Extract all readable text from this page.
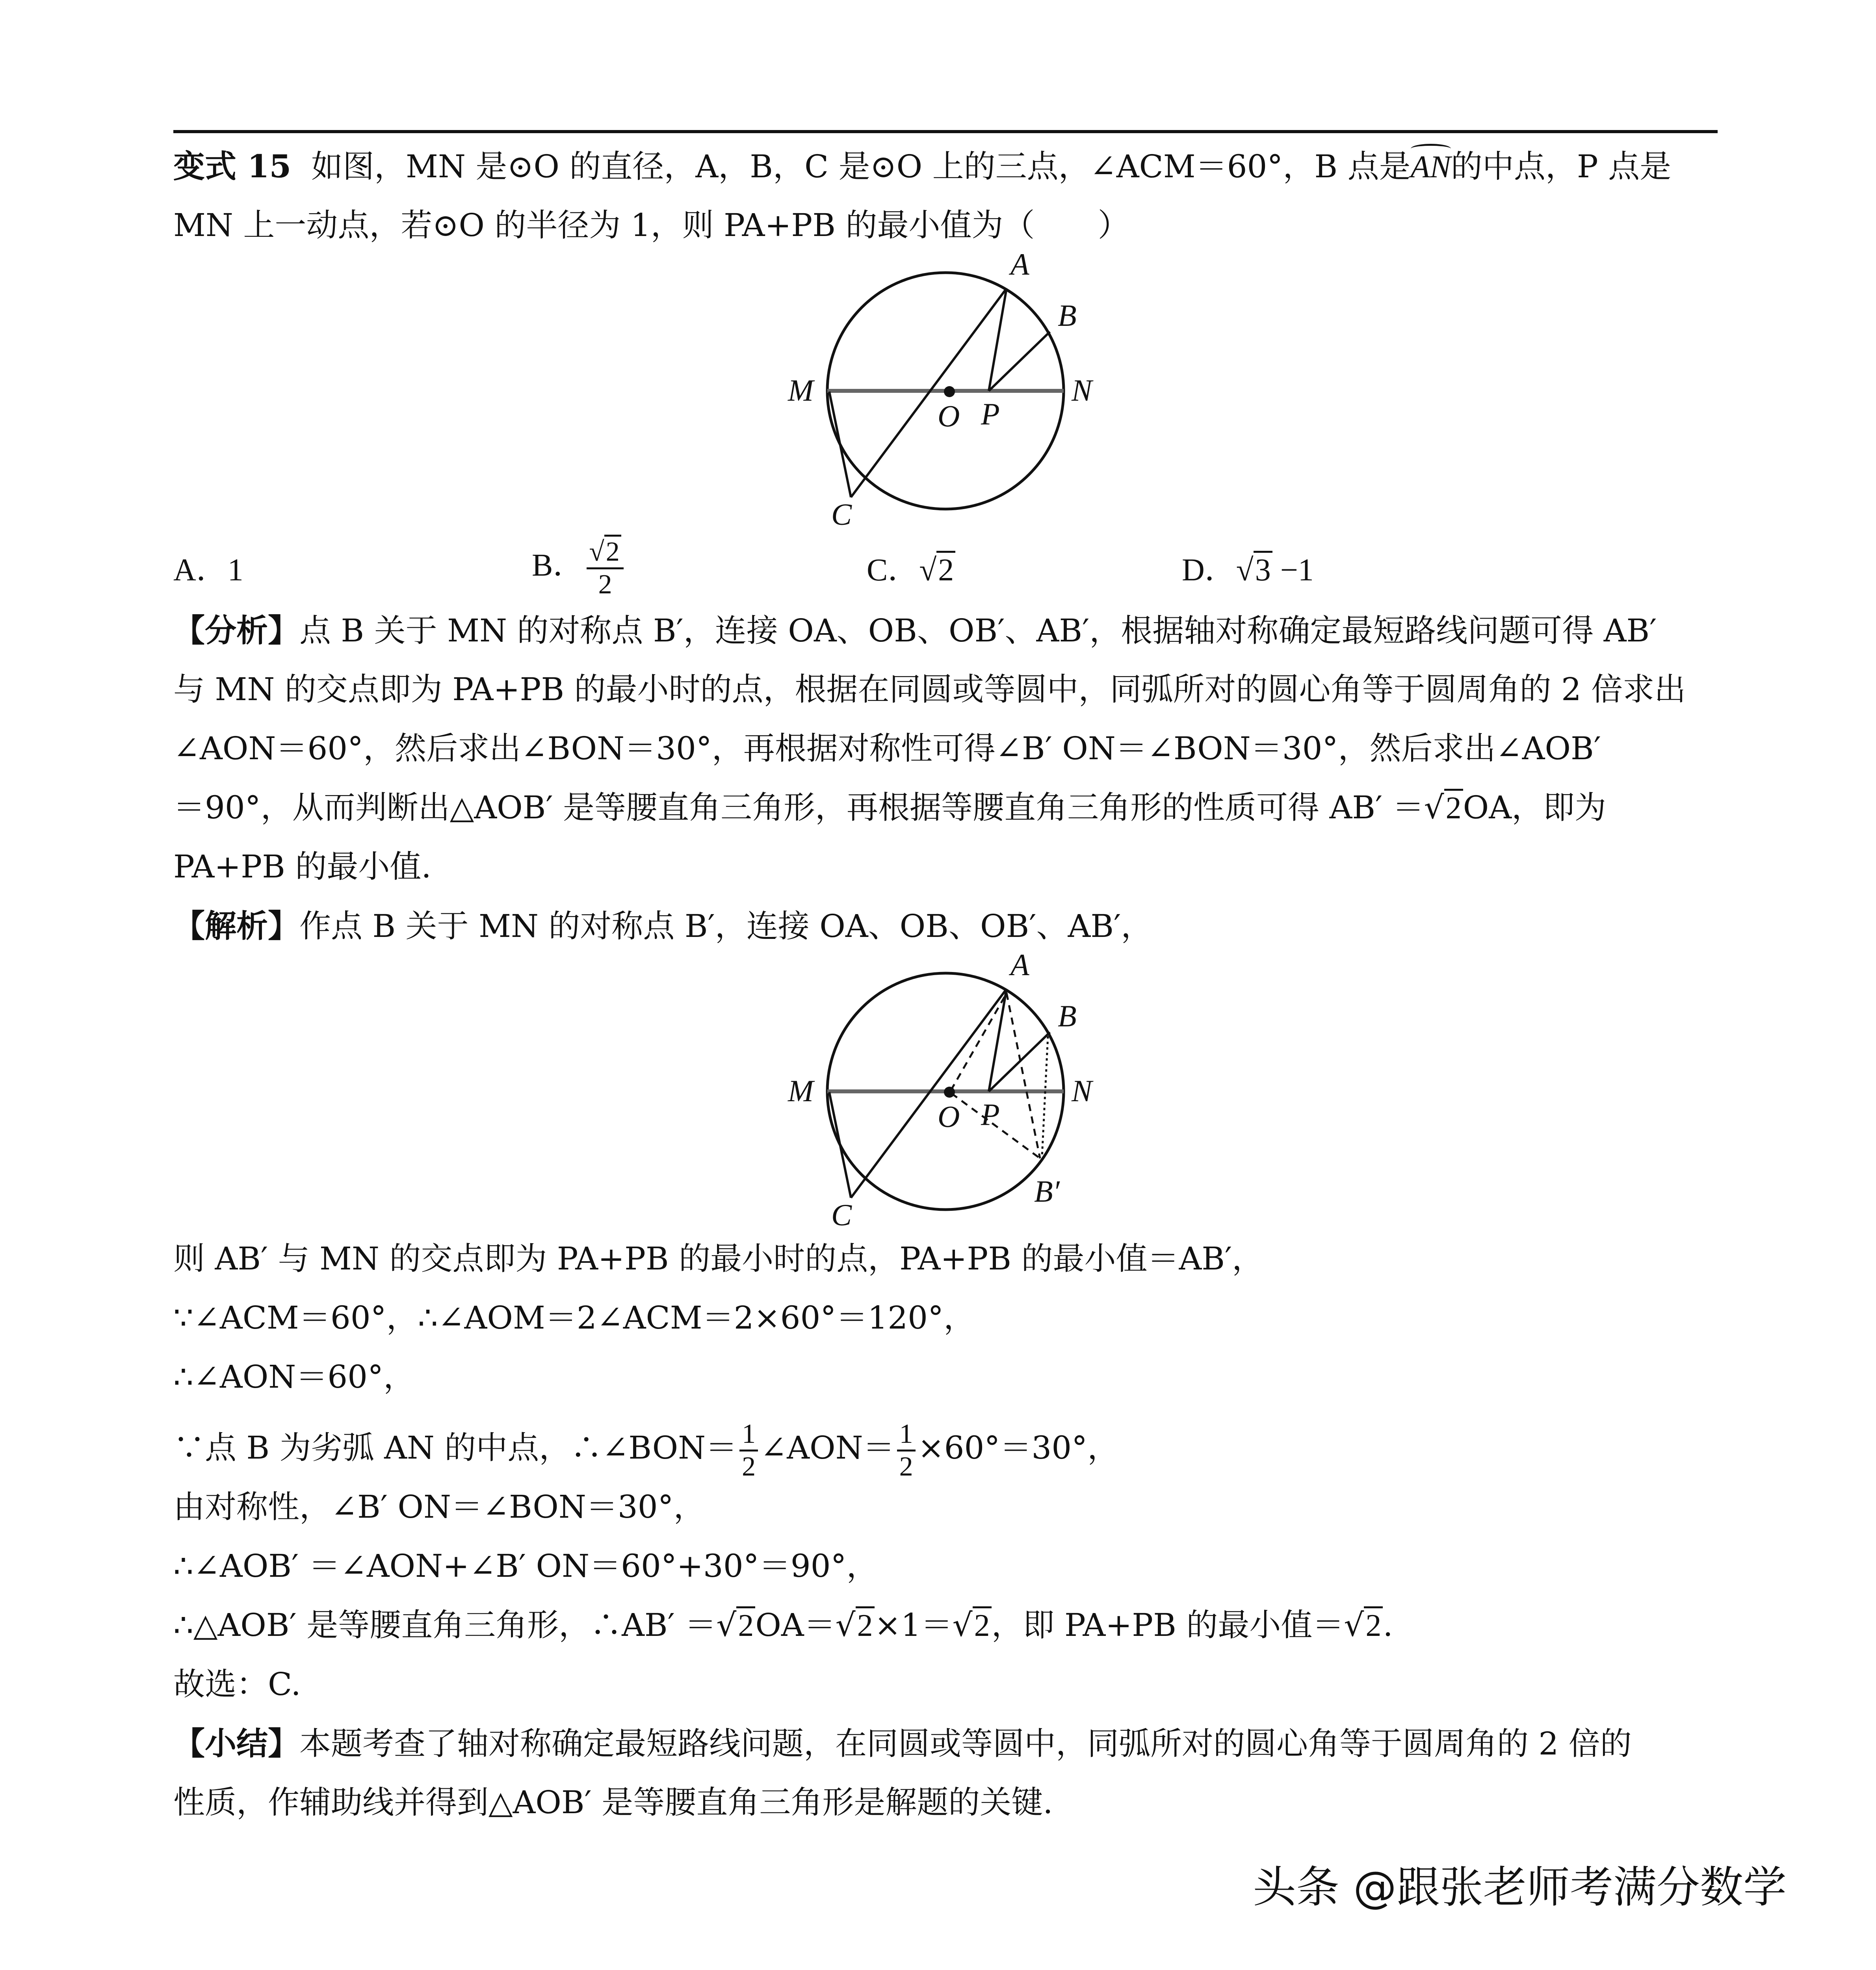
变式 15 如图，MN 是⊙O 的直径，A，B，C 是⊙O 上的三点，∠ACM＝60°，B 点是
AN的中点，P 点是
MN 上一动点，若⊙O 的半径为 1，则 PA+PB 的最小值为（　　）
A
B
M	N
O P
C
A．1	B． $\frac{√2}{2}$	C．√2	D．√3 −1
【分析】点 B 关于 MN 的对称点 B′，连接 OA、OB、OB′、AB′，根据轴对称确定最短路线问题可得 AB′
与 MN 的交点即为 PA+PB 的最小时的点，根据在同圆或等圆中，同弧所对的圆心角等于圆周角的 2 倍求出
∠AON＝60°，然后求出∠BON＝30°，再根据对称性可得∠B′ ON＝∠BON＝30°，然后求出∠AOB′
＝90°，从而判断出△AOB′ 是等腰直角三角形，再根据等腰直角三角形的性质可得 AB′ ＝√2OA，即为
PA+PB 的最小值.
【解析】作点 B 关于 MN 的对称点 B′，连接 OA、OB、OB′、AB′，
A
B
M	N
O P
C
B′
则 AB′ 与 MN 的交点即为 PA+PB 的最小时的点，PA+PB 的最小值＝AB′，
∵∠ACM＝60°，∴∠AOM＝2∠ACM＝2×60°＝120°，
∴∠AON＝60°，
∵点 B 为劣弧 AN 的中点，∴∠BON＝ $\frac{1}{2}$ ∠AON＝ $\frac{1}{2} \times 60^\circ=30^\circ$，
由对称性，∠B′ ON＝∠BON＝30°，
∴∠AOB′ ＝∠AON+∠B′ ON＝60°+30°＝90°，
∴△AOB′ 是等腰直角三角形，∴AB′ ＝√2OA＝√2×1＝√2，即 PA+PB 的最小值＝√2.
故选：C.
【小结】本题考查了轴对称确定最短路线问题，在同圆或等圆中，同弧所对的圆心角等于圆周角的 2 倍的
性质，作辅助线并得到△AOB′ 是等腰直角三角形是解题的关键.
头条 @跟张老师考满分数学
